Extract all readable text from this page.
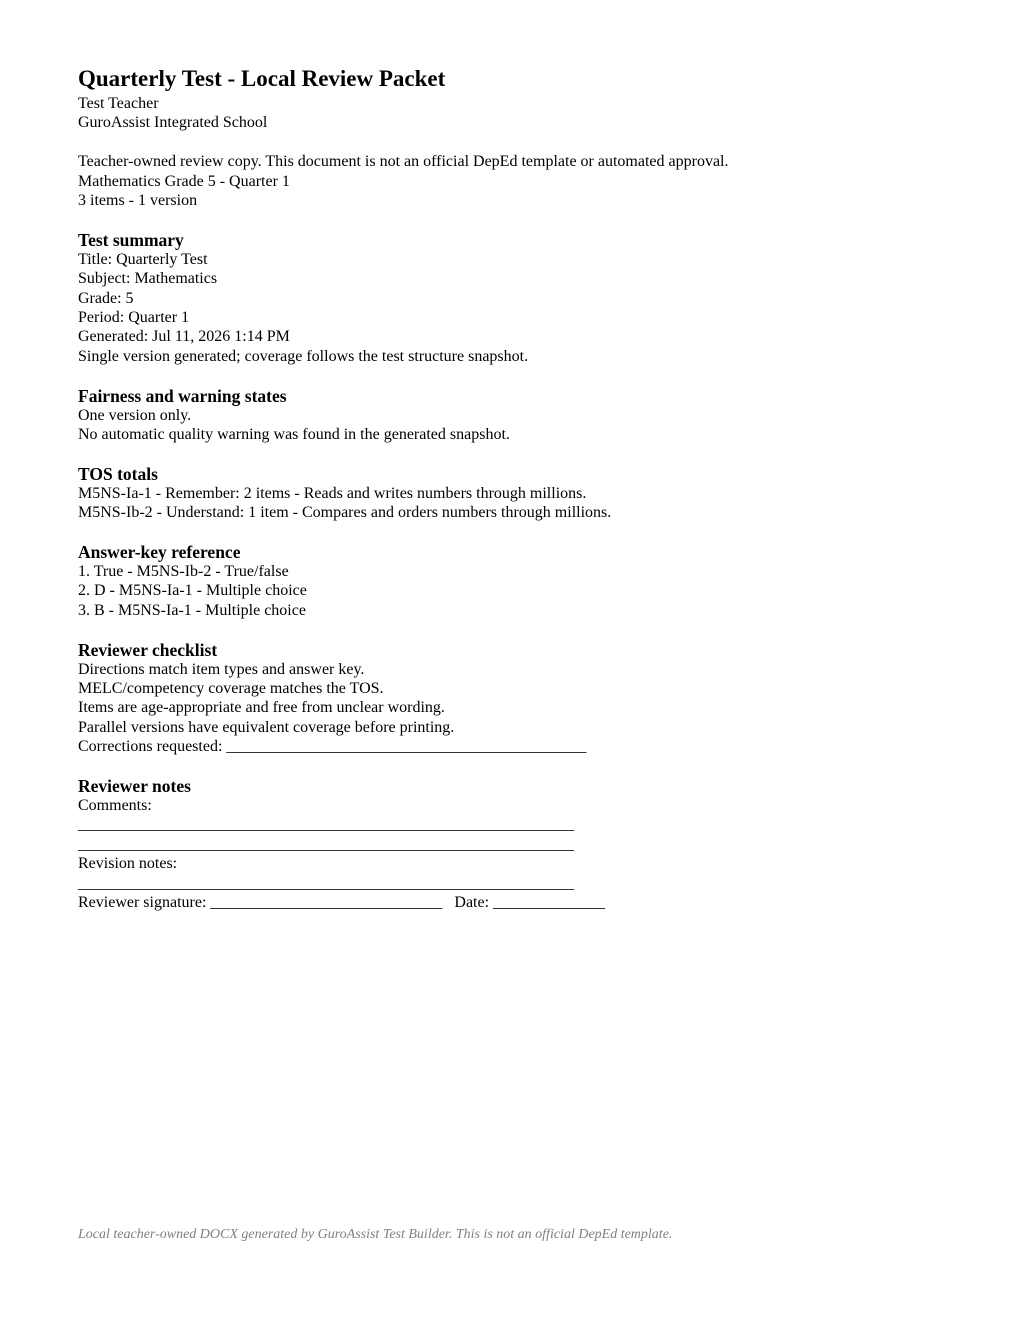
Quarterly Test - Local Review Packet
Test Teacher
GuroAssist Integrated School
Teacher-owned review copy. This document is not an official DepEd template or automated approval.
Mathematics Grade 5 - Quarter 1
3 items - 1 version
Test summary
Title: Quarterly Test
Subject: Mathematics
Grade: 5
Period: Quarter 1
Generated: Jul 11, 2026 1:14 PM
Single version generated; coverage follows the test structure snapshot.
Fairness and warning states
One version only.
No automatic quality warning was found in the generated snapshot.
TOS totals
M5NS-Ia-1 - Remember: 2 items - Reads and writes numbers through millions.
M5NS-Ib-2 - Understand: 1 item - Compares and orders numbers through millions.
Answer-key reference
1. True - M5NS-Ib-2 - True/false
2. D - M5NS-Ia-1 - Multiple choice
3. B - M5NS-Ia-1 - Multiple choice
Reviewer checklist
Directions match item types and answer key.
MELC/competency coverage matches the TOS.
Items are age-appropriate and free from unclear wording.
Parallel versions have equivalent coverage before printing.
Corrections requested: _____________________________________________
Reviewer notes
Comments:
______________________________________________________________
______________________________________________________________
Revision notes:
______________________________________________________________
Reviewer signature: _____________________________   Date: ______________
Local teacher-owned DOCX generated by GuroAssist Test Builder. This is not an official DepEd template.
